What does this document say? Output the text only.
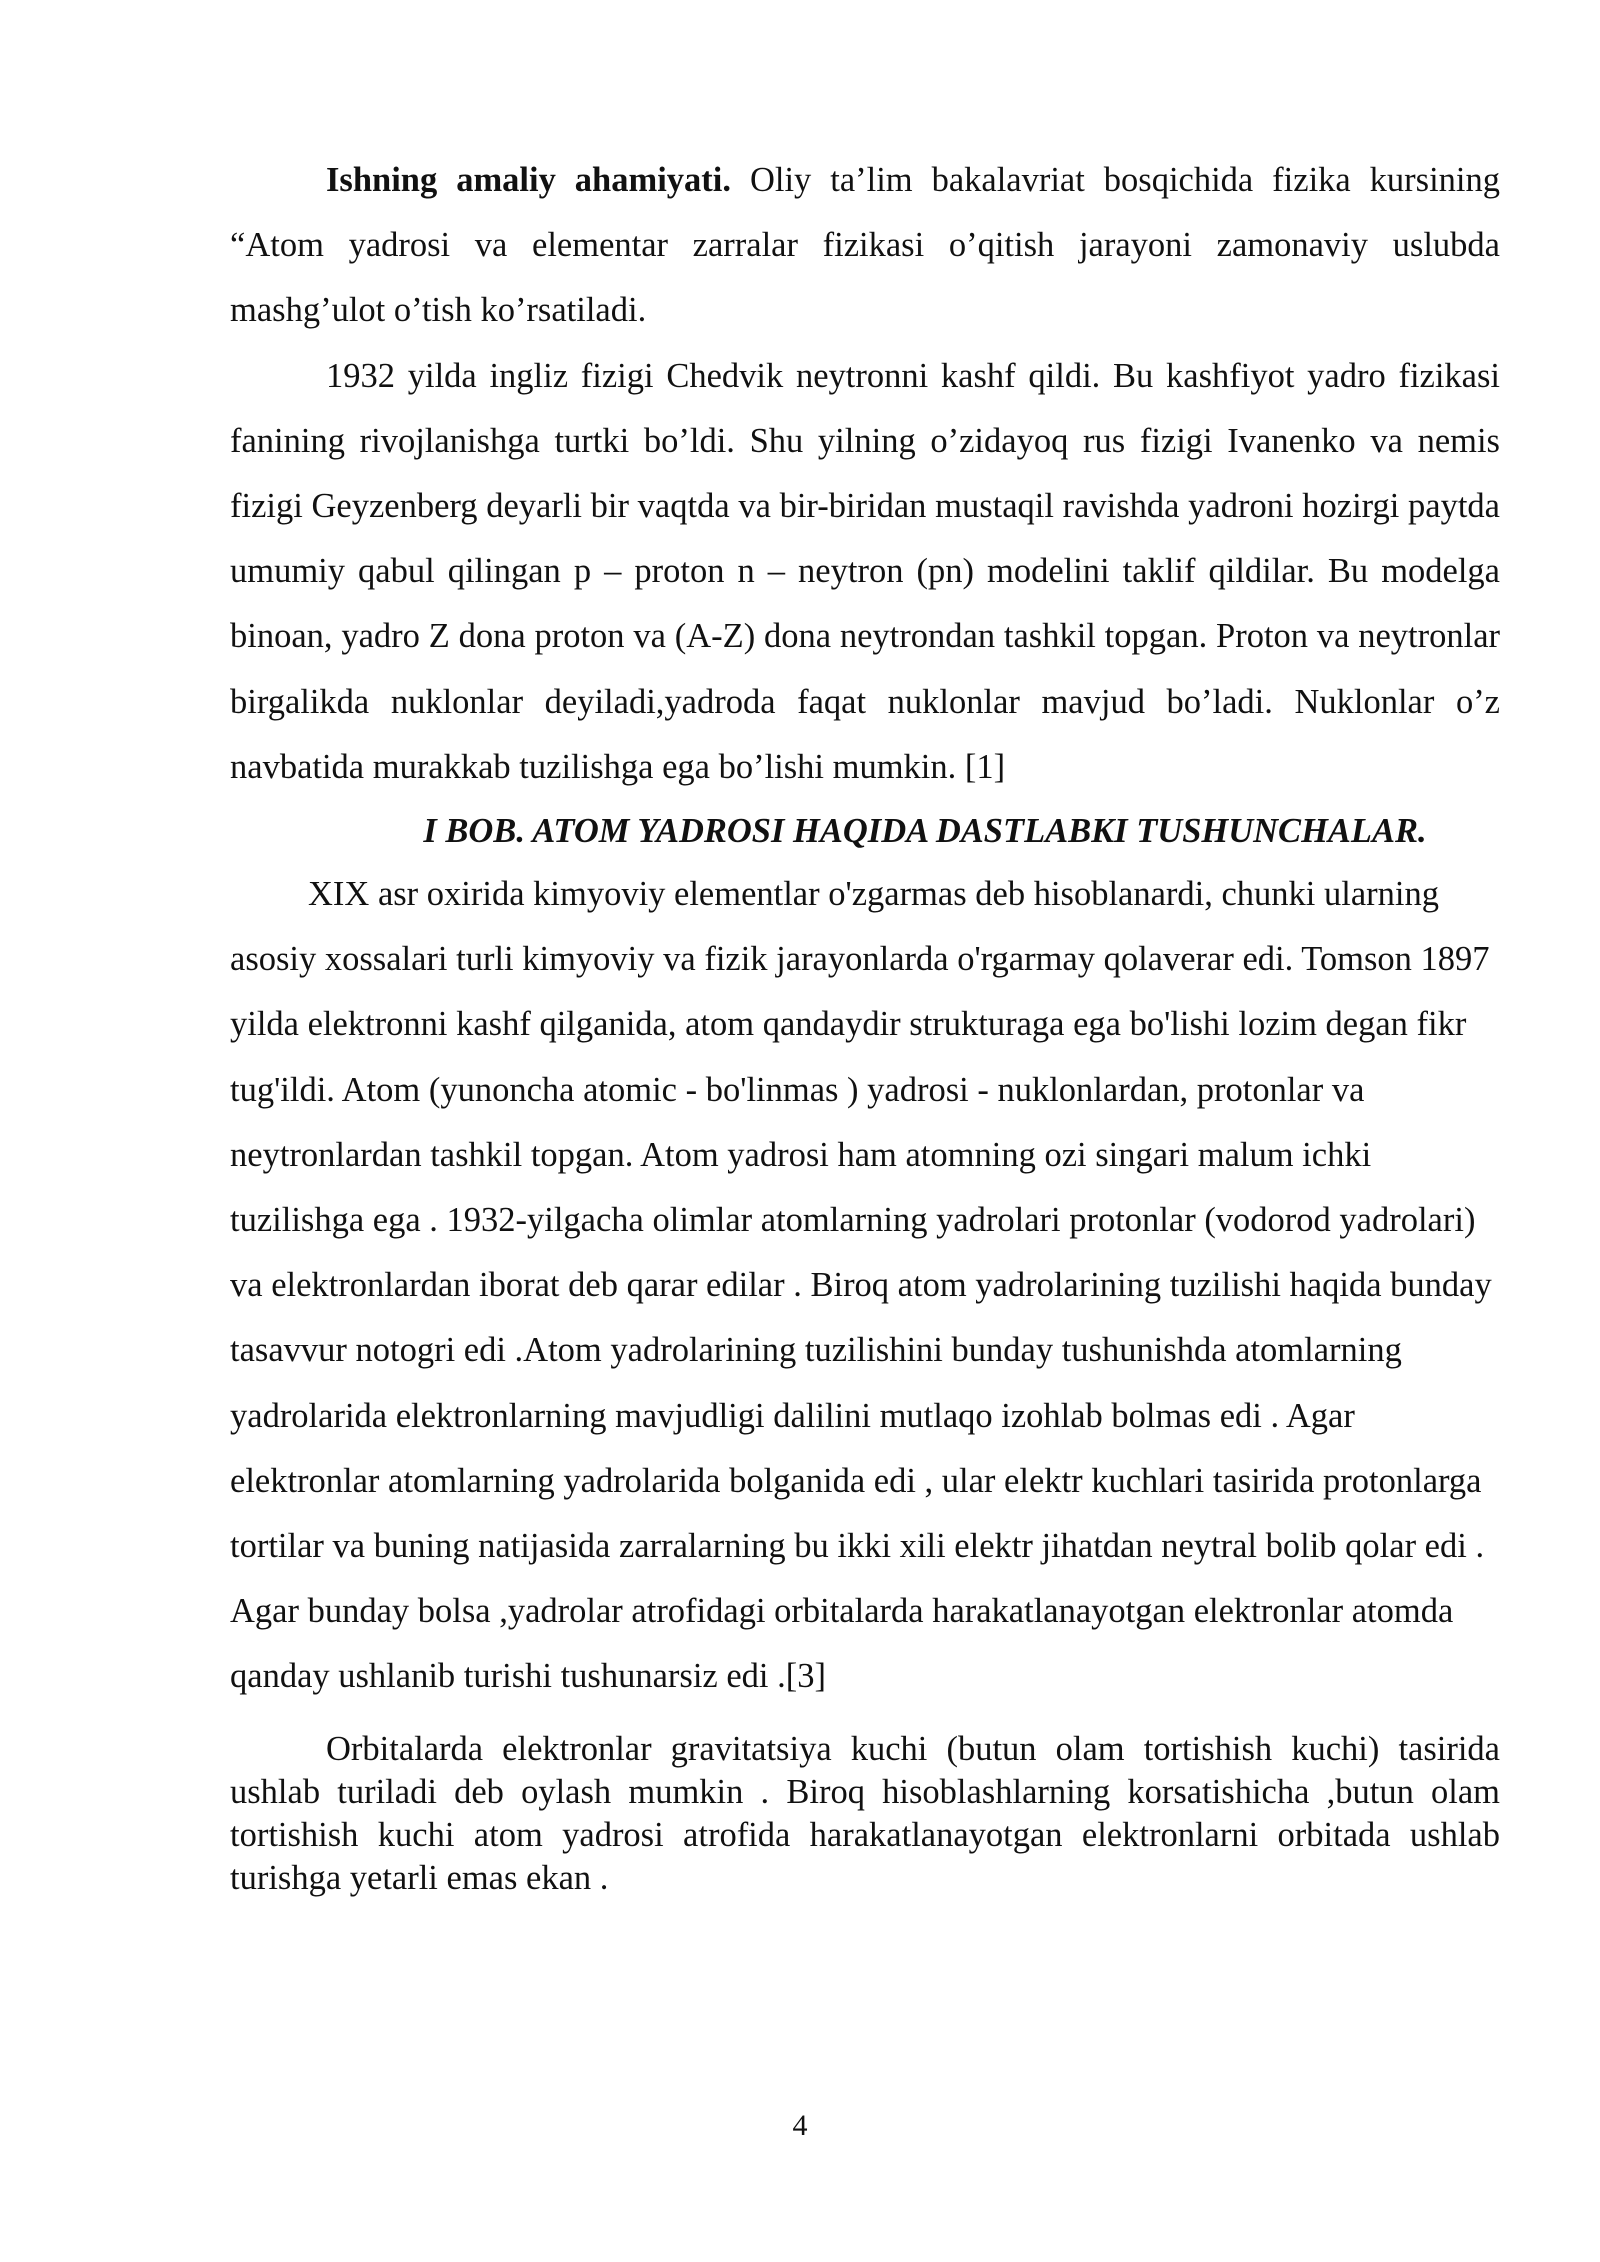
Ishning amaliy ahamiyati. Oliy ta’lim bakalavriat bosqichida fizika kursining “Atom yadrosi va elementar zarralar fizikasi o’qitish jarayoni zamonaviy uslubda mashg’ulot o’tish ko’rsatiladi.

1932 yilda ingliz fizigi Chedvik neytronni kashf qildi. Bu kashfiyot yadro fizikasi fanining rivojlanishga turtki bo’ldi. Shu yilning o’zidayoq rus fizigi Ivanenko va nemis fizigi Geyzenberg deyarli bir vaqtda va bir-biridan mustaqil ravishda yadroni hozirgi paytda umumiy qabul qilingan p – proton n – neytron (pn) modelini taklif qildilar. Bu modelga binoan, yadro Z dona proton va (A-Z) dona neytrondan tashkil topgan. Proton va neytronlar birgalikda nuklonlar deyiladi,yadroda faqat nuklonlar mavjud bo’ladi. Nuklonlar o’z navbatida murakkab tuzilishga ega bo’lishi mumkin. [1]

I BOB. ATOM YADROSI HAQIDA DASTLABKI TUSHUNCHALAR.

XIX asr oxirida kimyoviy elementlar o'zgarmas deb hisoblanardi, chunki ularning asosiy xossalari turli kimyoviy va fizik jarayonlarda o'rgarmay qolaverar edi. Tomson 1897 yilda elektronni kashf qilganida, atom qandaydir strukturaga ega bo'lishi lozim degan fikr tug'ildi. Atom (yunoncha atomic - bo'linmas ) yadrosi - nuklonlardan, protonlar va neytronlardan tashkil topgan. Atom yadrosi ham atomning ozi singari malum ichki tuzilishga ega . 1932-yilgacha olimlar atomlarning yadrolari protonlar (vodorod yadrolari) va elektronlardan iborat deb qarar edilar . Biroq atom yadrolarining tuzilishi haqida bunday tasavvur notogri edi .Atom yadrolarining tuzilishini bunday tushunishda atomlarning yadrolarida elektronlarning mavjudligi dalilini mutlaqo izohlab bolmas edi . Agar elektronlar atomlarning yadrolarida bolganida edi , ular elektr kuchlari tasirida protonlarga tortilar va buning natijasida zarralarning bu ikki xili elektr jihatdan neytral bolib qolar edi . Agar bunday bolsa ,yadrolar atrofidagi orbitalarda harakatlanayotgan elektronlar atomda qanday ushlanib turishi tushunarsiz edi .[3]

Orbitalarda elektronlar gravitatsiya kuchi (butun olam tortishish kuchi) tasirida ushlab turiladi deb oylash mumkin . Biroq hisoblashlarning korsatishicha ,butun olam tortishish kuchi atom yadrosi atrofida harakatlanayotgan elektronlarni orbitada ushlab turishga yetarli emas ekan .

4
